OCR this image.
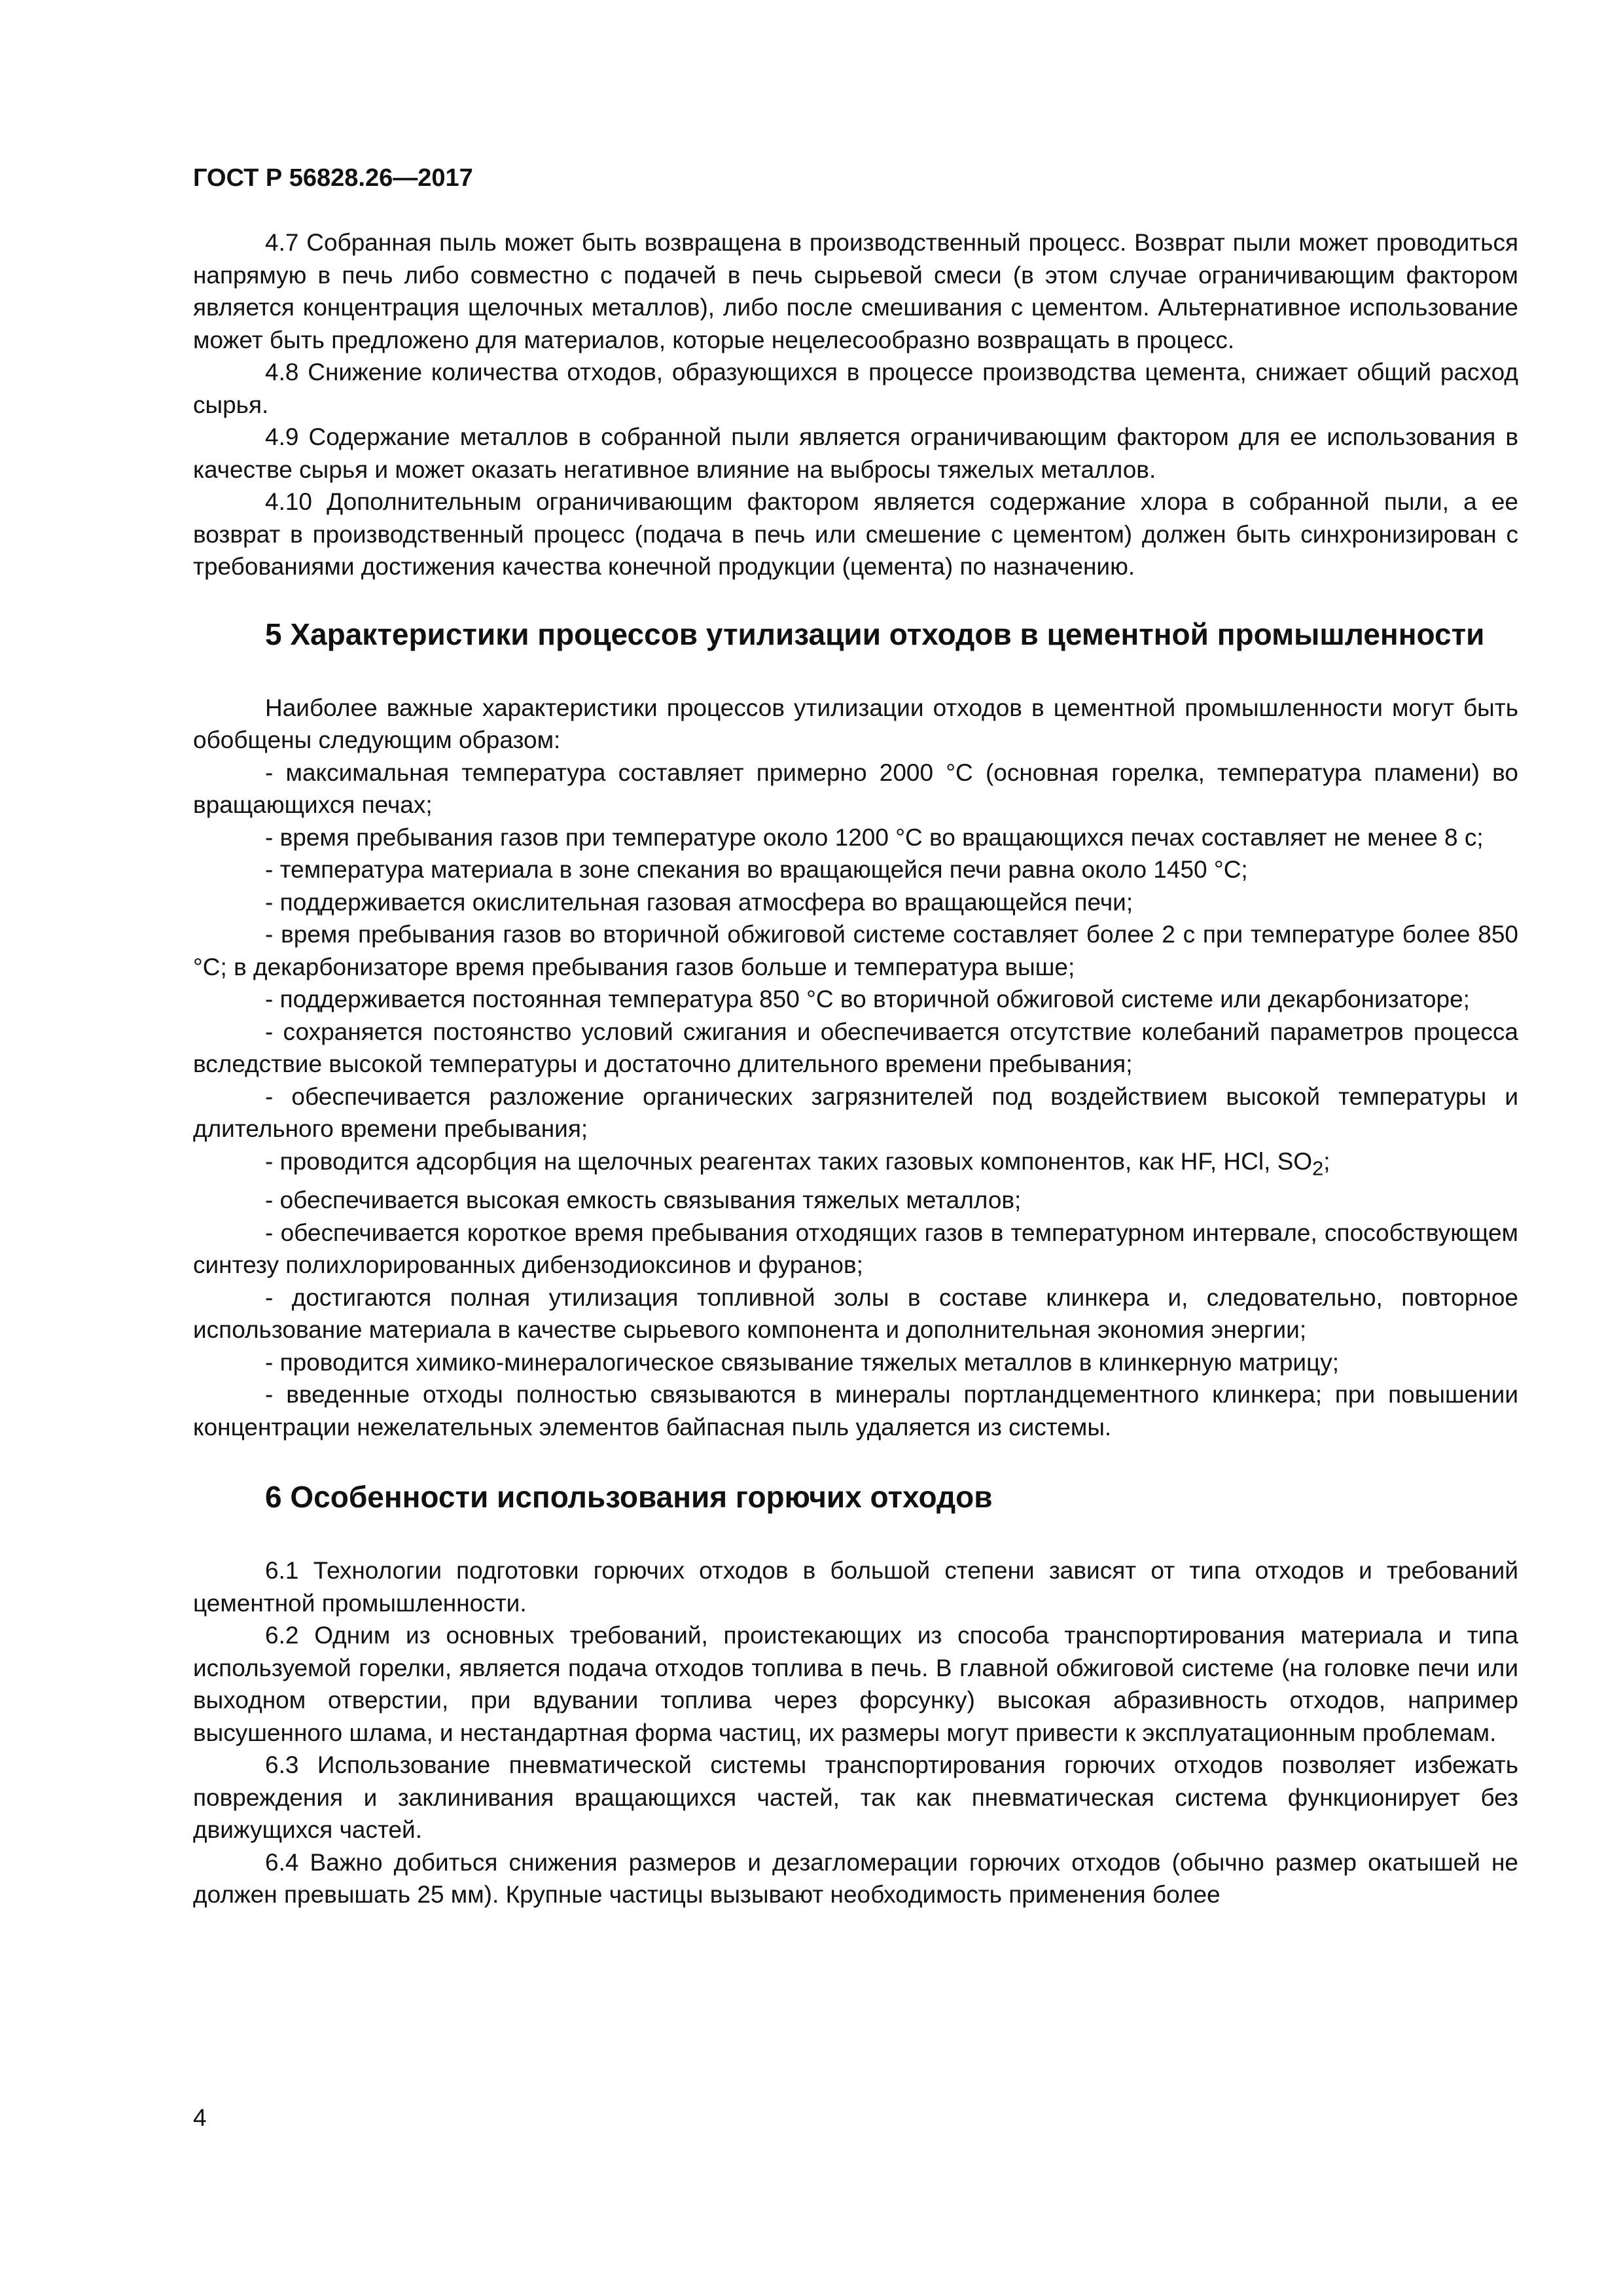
ГОСТ Р 56828.26—2017

4.7 Собранная пыль может быть возвращена в производственный процесс. Возврат пыли может проводиться напрямую в печь либо совместно с подачей в печь сырьевой смеси (в этом случае ограничивающим фактором является концентрация щелочных металлов), либо после смешивания с цементом. Альтернативное использование может быть предложено для материалов, которые нецелесообразно возвращать в процесс.

4.8 Снижение количества отходов, образующихся в процессе производства цемента, снижает общий расход сырья.

4.9 Содержание металлов в собранной пыли является ограничивающим фактором для ее использования в качестве сырья и может оказать негативное влияние на выбросы тяжелых металлов.

4.10 Дополнительным ограничивающим фактором является содержание хлора в собранной пыли, а ее возврат в производственный процесс (подача в печь или смешение с цементом) должен быть синхронизирован с требованиями достижения качества конечной продукции (цемента) по назначению.

5 Характеристики процессов утилизации отходов в цементной промышленности

Наиболее важные характеристики процессов утилизации отходов в цементной промышленности могут быть обобщены следующим образом:

- максимальная температура составляет примерно 2000 °С (основная горелка, температура пламени) во вращающихся печах;

- время пребывания газов при температуре около 1200 °С во вращающихся печах составляет не менее 8 с;

- температура материала в зоне спекания во вращающейся печи равна около 1450 °С;

- поддерживается окислительная газовая атмосфера во вращающейся печи;

- время пребывания газов во вторичной обжиговой системе составляет более 2 с при температуре более 850 °С; в декарбонизаторе время пребывания газов больше и температура выше;

- поддерживается постоянная температура 850 °С во вторичной обжиговой системе или декарбонизаторе;

- сохраняется постоянство условий сжигания и обеспечивается отсутствие колебаний параметров процесса вследствие высокой температуры и достаточно длительного времени пребывания;

- обеспечивается разложение органических загрязнителей под воздействием высокой температуры и длительного времени пребывания;

- проводится адсорбция на щелочных реагентах таких газовых компонентов, как HF, HCl, $SO_2$;

- обеспечивается высокая емкость связывания тяжелых металлов;

- обеспечивается короткое время пребывания отходящих газов в температурном интервале, способствующем синтезу полихлорированных дибензодиоксинов и фуранов;

- достигаются полная утилизация топливной золы в составе клинкера и, следовательно, повторное использование материала в качестве сырьевого компонента и дополнительная экономия энергии;

- проводится химико-минералогическое связывание тяжелых металлов в клинкерную матрицу;

- введенные отходы полностью связываются в минералы портландцементного клинкера; при повышении концентрации нежелательных элементов байпасная пыль удаляется из системы.

6 Особенности использования горючих отходов

6.1 Технологии подготовки горючих отходов в большой степени зависят от типа отходов и требований цементной промышленности.

6.2 Одним из основных требований, проистекающих из способа транспортирования материала и типа используемой горелки, является подача отходов топлива в печь. В главной обжиговой системе (на головке печи или выходном отверстии, при вдувании топлива через форсунку) высокая абразивность отходов, например высушенного шлама, и нестандартная форма частиц, их размеры могут привести к эксплуатационным проблемам.

6.3 Использование пневматической системы транспортирования горючих отходов позволяет избежать повреждения и заклинивания вращающихся частей, так как пневматическая система функционирует без движущихся частей.

6.4 Важно добиться снижения размеров и дезагломерации горючих отходов (обычно размер окатышей не должен превышать 25 мм). Крупные частицы вызывают необходимость применения более

4
